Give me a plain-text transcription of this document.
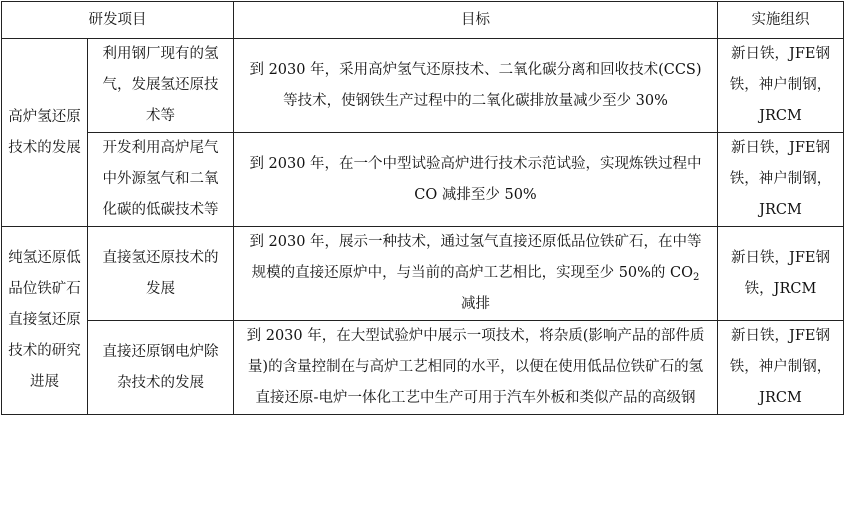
研发项目		目标	实施组织
高炉氢还原技术的发展	利用钢厂现有的氢气，发展氢还原技术等	到 2030 年，采用高炉氢气还原技术、二氧化碳分离和回收技术(CCS)等技术，使钢铁生产过程中的二氧化碳排放量减少至少 30%	新日铁，JFE钢铁，神户制钢，JRCM
	开发利用高炉尾气中外源氢气和二氧化碳的低碳技术等	到 2030 年，在一个中型试验高炉进行技术示范试验，实现炼铁过程中 CO 减排至少 50%	新日铁，JFE钢铁，神户制钢，JRCM
纯氢还原低品位铁矿石直接氢还原技术的研究进展	直接氢还原技术的发展	到 2030 年，展示一种技术，通过氢气直接还原低品位铁矿石，在中等规模的直接还原炉中，与当前的高炉工艺相比，实现至少 50%的 $CO_2$ 减排	新日铁，JFE钢铁，JRCM
	直接还原钢电炉除杂技术的发展	到 2030 年，在大型试验炉中展示一项技术，将杂质(影响产品的部件质量)的含量控制在与高炉工艺相同的水平，以便在使用低品位铁矿石的氢直接还原-电炉一体化工艺中生产可用于汽车外板和类似产品的高级钢	新日铁，JFE钢铁，神户制钢，JRCM
